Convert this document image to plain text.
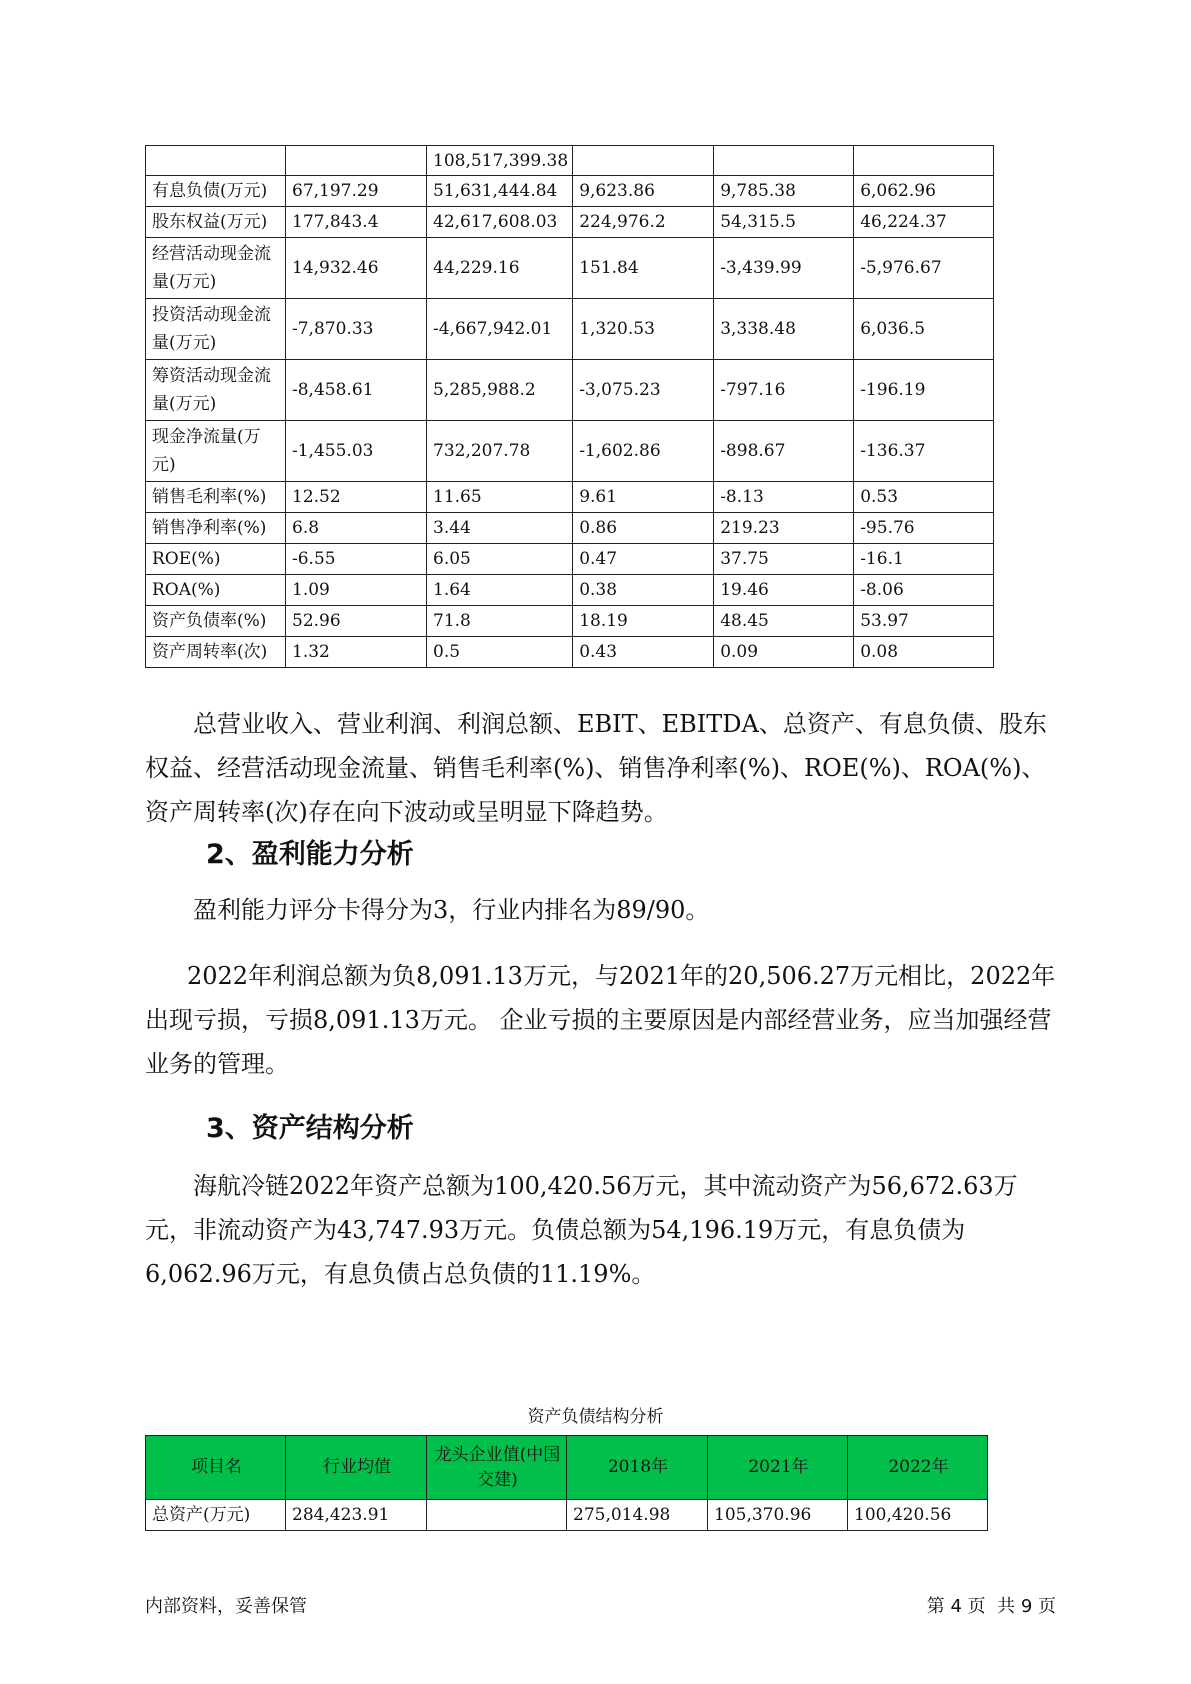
		108,517,399.38			
有息负债(万元)	67,197.29	51,631,444.84	9,623.86	9,785.38	6,062.96
股东权益(万元)	177,843.4	42,617,608.03	224,976.2	54,315.5	46,224.37
经营活动现金流量(万元)	14,932.46	44,229.16	151.84	-3,439.99	-5,976.67
投资活动现金流量(万元)	-7,870.33	-4,667,942.01	1,320.53	3,338.48	6,036.5
筹资活动现金流量(万元)	-8,458.61	5,285,988.2	-3,075.23	-797.16	-196.19
现金净流量(万元)	-1,455.03	732,207.78	-1,602.86	-898.67	-136.37
销售毛利率(%)	12.52	11.65	9.61	-8.13	0.53
销售净利率(%)	6.8	3.44	0.86	219.23	-95.76
ROE(%)	-6.55	6.05	0.47	37.75	-16.1
ROA(%)	1.09	1.64	0.38	19.46	-8.06
资产负债率(%)	52.96	71.8	18.19	48.45	53.97
资产周转率(次)	1.32	0.5	0.43	0.09	0.08
总营业收入、营业利润、利润总额、EBIT、EBITDA、总资产、有息负债、股东权益、经营活动现金流量、销售毛利率(%)、销售净利率(%)、ROE(%)、ROA(%)、资产周转率(次)存在向下波动或呈明显下降趋势。
2、盈利能力分析
盈利能力评分卡得分为3，行业内排名为89/90。
2022年利润总额为负8,091.13万元，与2021年的20,506.27万元相比，2022年出现亏损，亏损8,091.13万元。 企业亏损的主要原因是内部经营业务，应当加强经营业务的管理。
3、资产结构分析
海航冷链2022年资产总额为100,420.56万元，其中流动资产为56,672.63万元，非流动资产为43,747.93万元。负债总额为54,196.19万元，有息负债为6,062.96万元，有息负债占总负债的11.19%。
资产负债结构分析
项目名	行业均值	龙头企业值(中国交建)	2018年	2021年	2022年
总资产(万元)	284,423.91		275,014.98	105,370.96	100,420.56
内部资料，妥善保管	第 4 页  共 9 页
